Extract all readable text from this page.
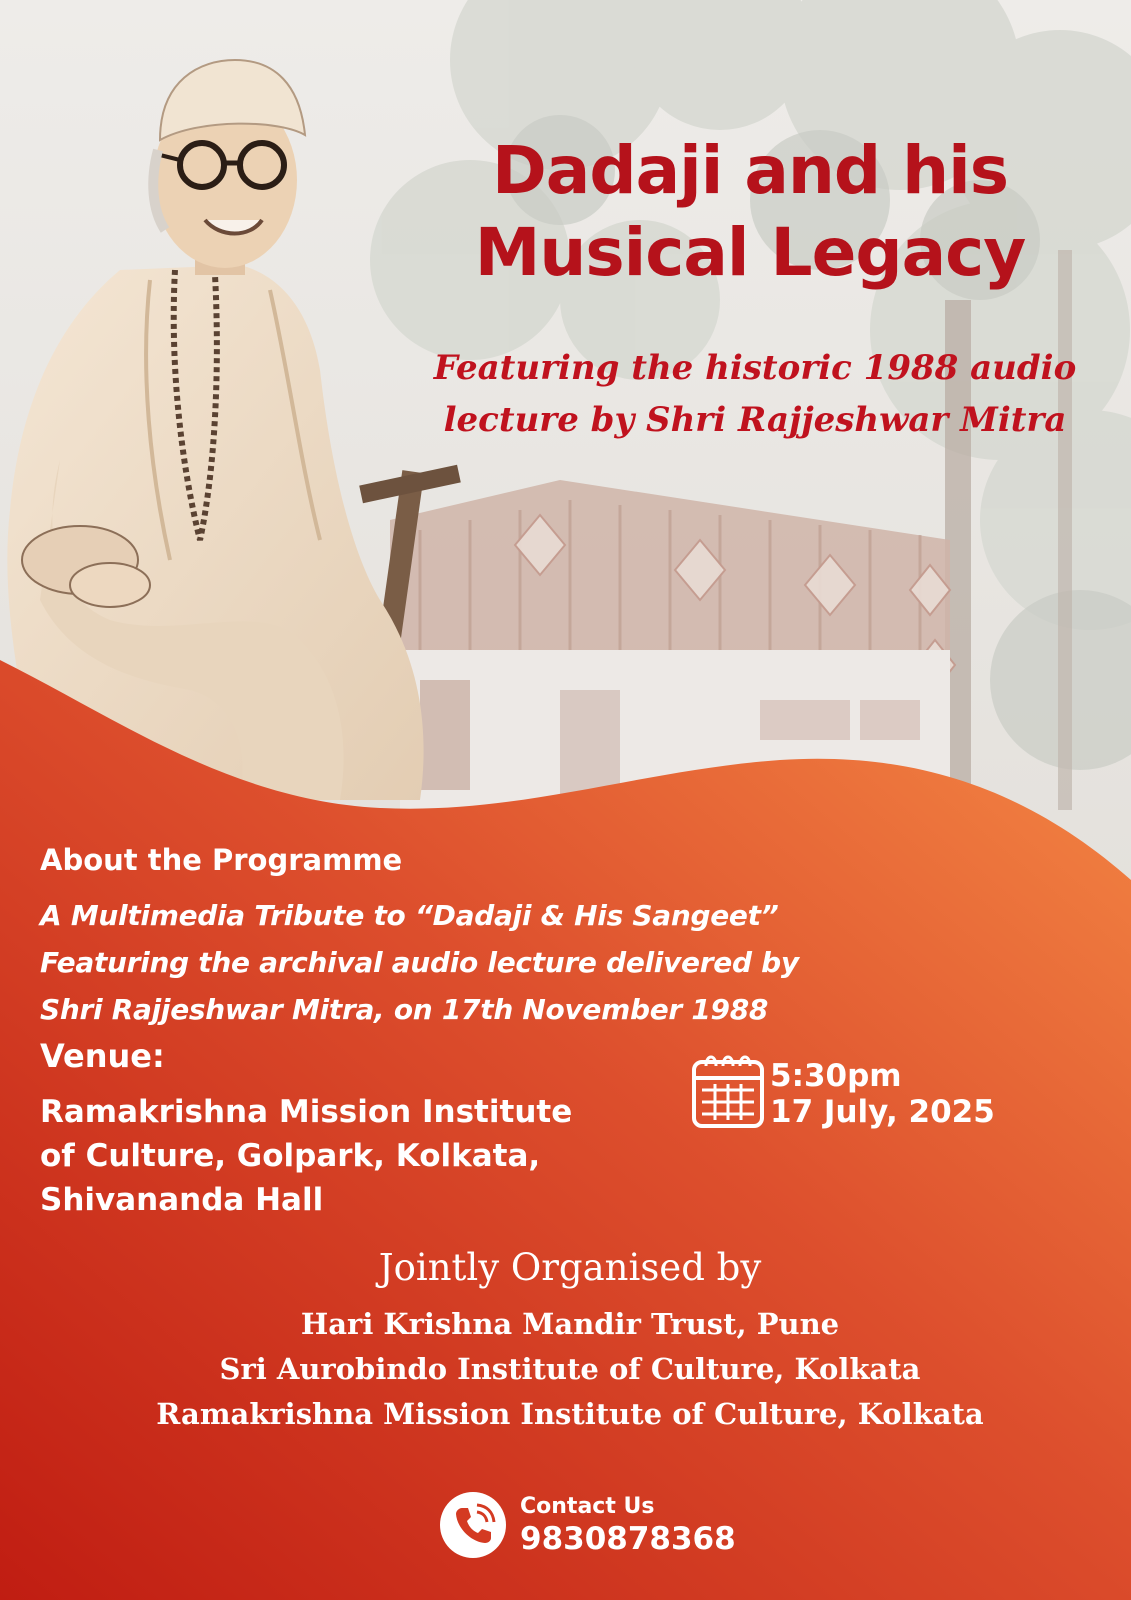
Dadaji and his
Musical Legacy
Featuring the historic 1988 audio
lecture by Shri Rajjeshwar Mitra
About the Programme
A Multimedia Tribute to “Dadaji & His Sangeet”
Featuring the archival audio lecture delivered by
Shri Rajjeshwar Mitra, on 17th November 1988
Venue:
Ramakrishna Mission Institute
of Culture, Golpark, Kolkata,
Shivananda Hall
5:30pm
17 July, 2025
Jointly Organised by
Hari Krishna Mandir Trust, Pune
Sri Aurobindo Institute of Culture, Kolkata
Ramakrishna Mission Institute of Culture, Kolkata
Contact Us
9830878368
